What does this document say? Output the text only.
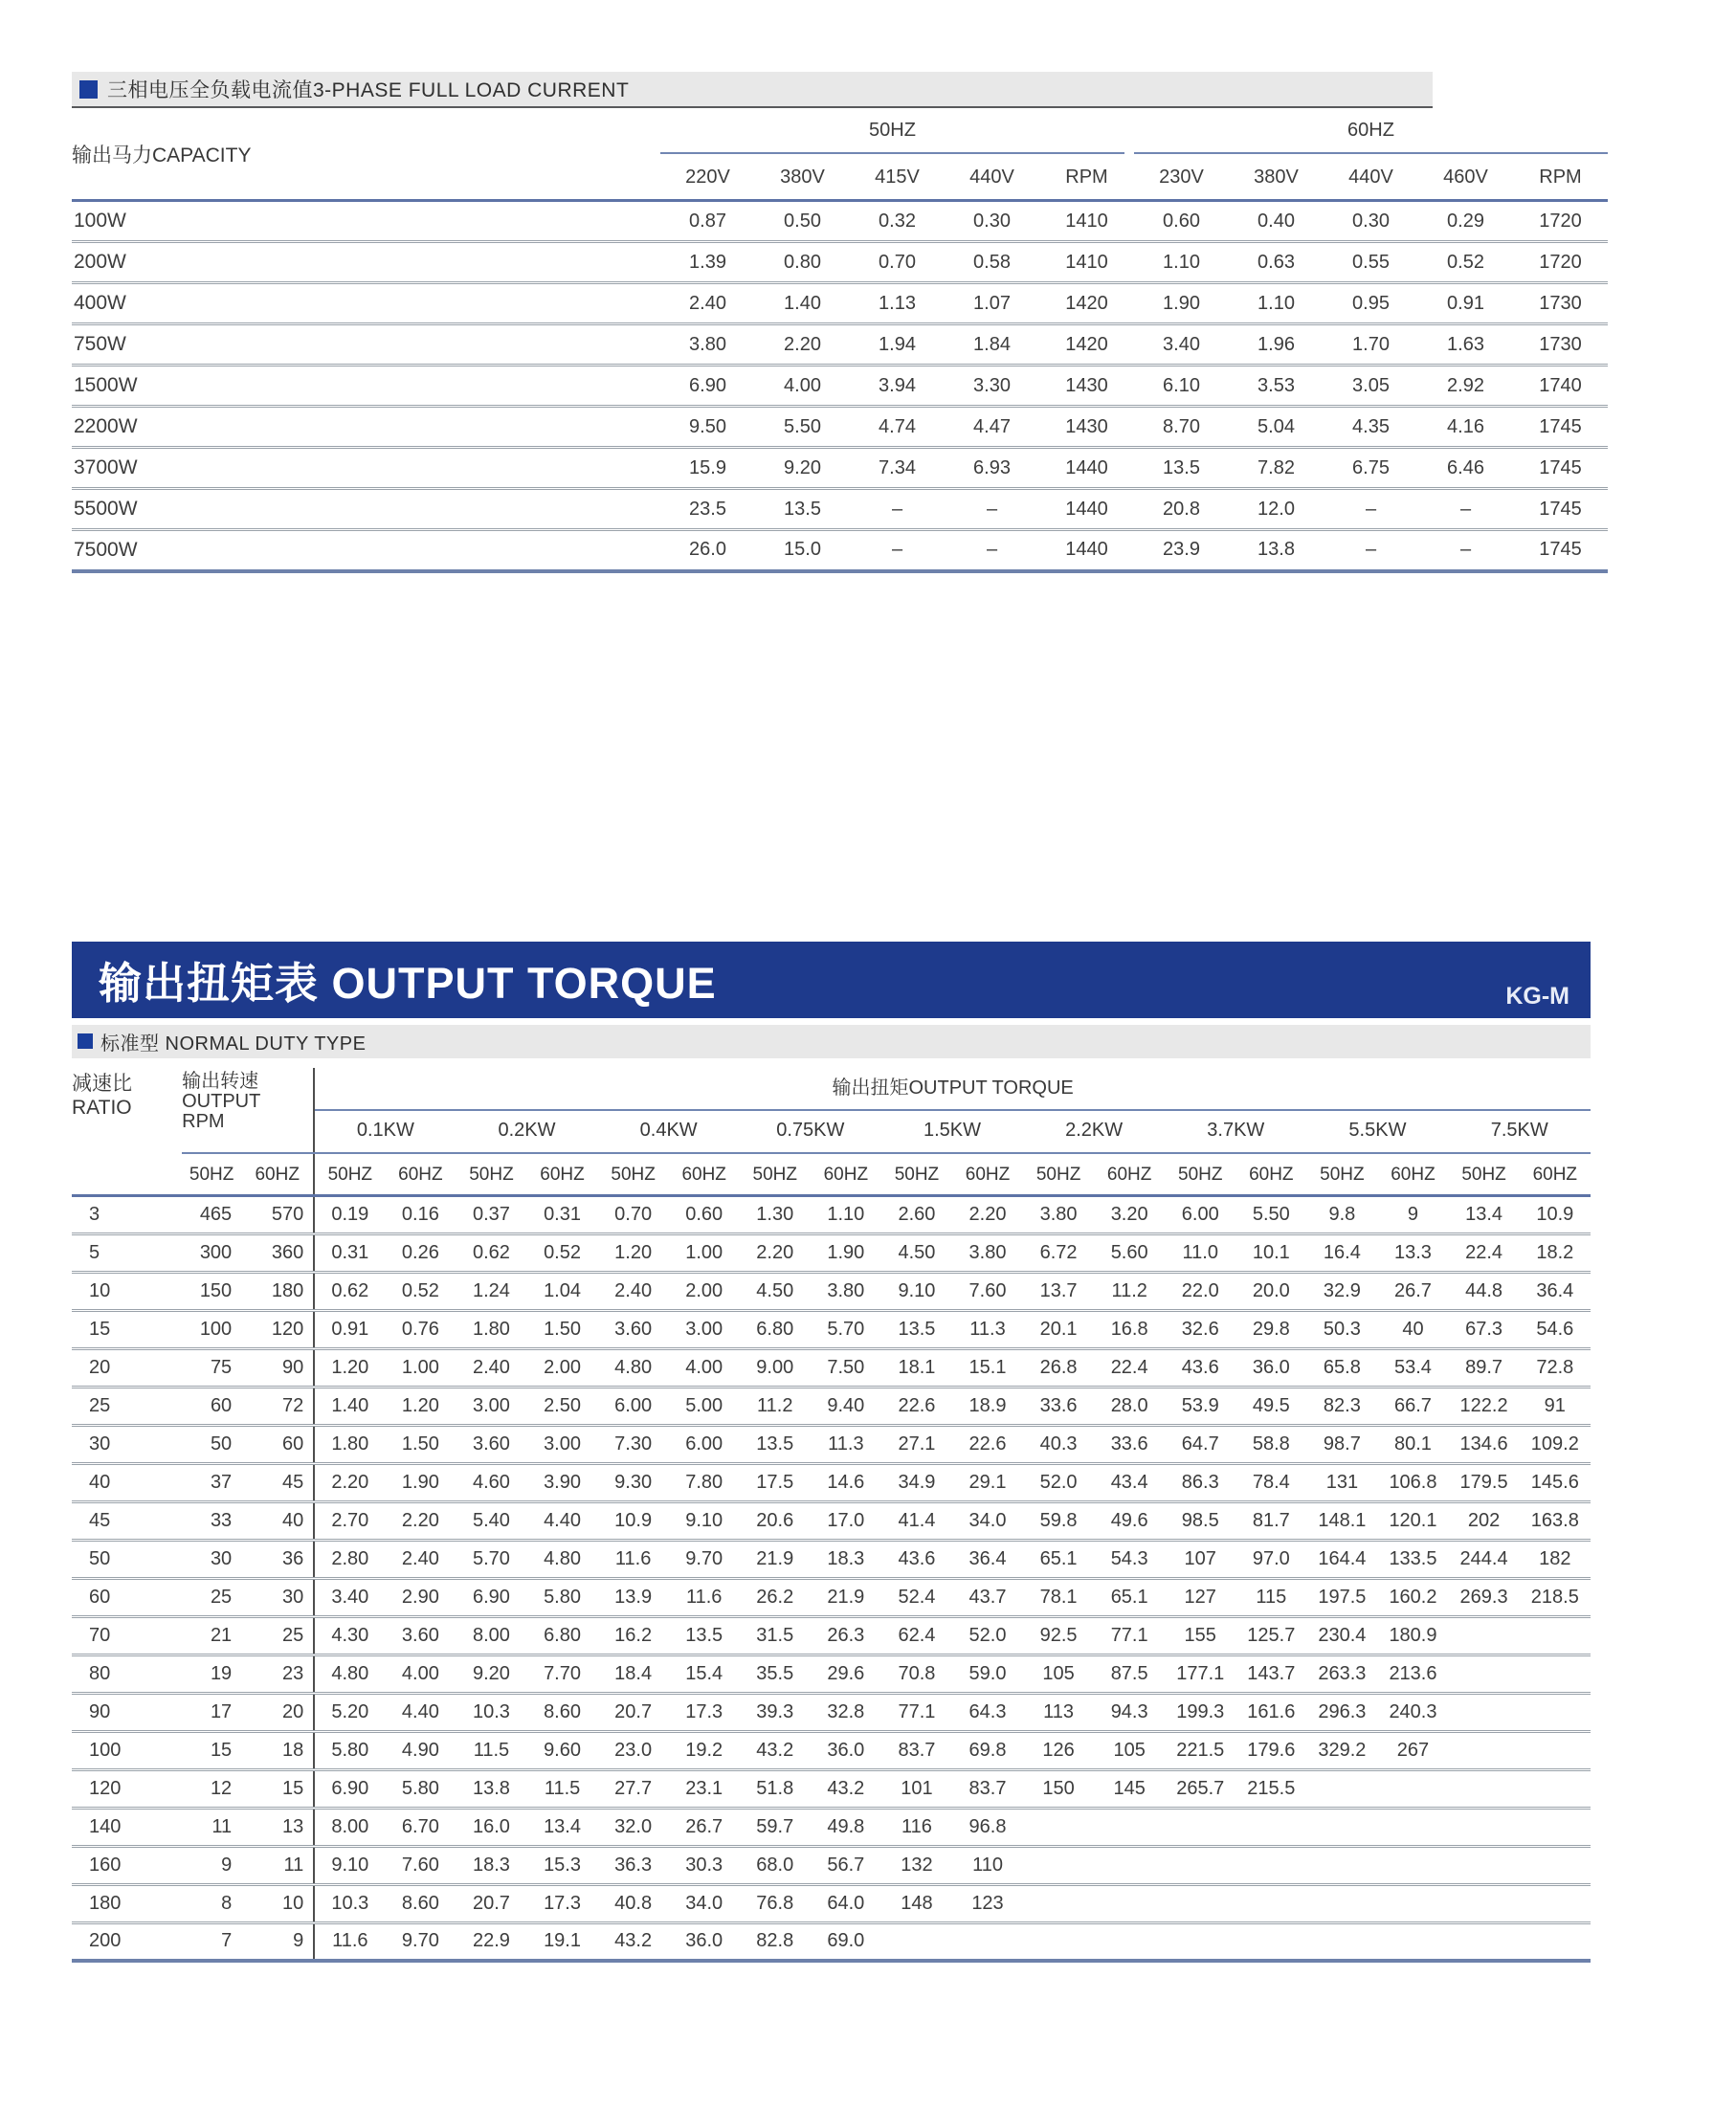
三相电压全负载电流值3-PHASE FULL LOAD CURRENT
输出马力CAPACITY	50HZ					60HZ				

	220V	380V	415V	440V	RPM	230V	380V	440V	460V	RPM
100W	0.87	0.50	0.32	0.30	1410	0.60	0.40	0.30	0.29	1720
200W	1.39	0.80	0.70	0.58	1410	1.10	0.63	0.55	0.52	1720
400W	2.40	1.40	1.13	1.07	1420	1.90	1.10	0.95	0.91	1730
750W	3.80	2.20	1.94	1.84	1420	3.40	1.96	1.70	1.63	1730
1500W	6.90	4.00	3.94	3.30	1430	6.10	3.53	3.05	2.92	1740
2200W	9.50	5.50	4.74	4.47	1430	8.70	5.04	4.35	4.16	1745
3700W	15.9	9.20	7.34	6.93	1440	13.5	7.82	6.75	6.46	1745
5500W	23.5	13.5	–	–	1440	20.8	12.0	–	–	1745
7500W	26.0	15.0	–	–	1440	23.9	13.8	–	–	1745
输出扭矩表 OUTPUT TORQUE	KG-M
标准型 NORMAL DUTY TYPE
减速比
RATIO

输出转速
OUTPUT
RPM

输出扭矩OUTPUT TORQUE

			0.1KW		0.2KW		0.4KW		0.75KW		1.5KW		2.2KW		3.7KW		5.5KW		7.5KW	
	50HZ	60HZ	50HZ	60HZ	50HZ	60HZ	50HZ	60HZ	50HZ	60HZ	50HZ	60HZ	50HZ	60HZ	50HZ	60HZ	50HZ	60HZ	50HZ	60HZ
3	465	570	0.19	0.16	0.37	0.31	0.70	0.60	1.30	1.10	2.60	2.20	3.80	3.20	6.00	5.50	9.8	9	13.4	10.9
5	300	360	0.31	0.26	0.62	0.52	1.20	1.00	2.20	1.90	4.50	3.80	6.72	5.60	11.0	10.1	16.4	13.3	22.4	18.2
10	150	180	0.62	0.52	1.24	1.04	2.40	2.00	4.50	3.80	9.10	7.60	13.7	11.2	22.0	20.0	32.9	26.7	44.8	36.4
15	100	120	0.91	0.76	1.80	1.50	3.60	3.00	6.80	5.70	13.5	11.3	20.1	16.8	32.6	29.8	50.3	40	67.3	54.6
20	75	90	1.20	1.00	2.40	2.00	4.80	4.00	9.00	7.50	18.1	15.1	26.8	22.4	43.6	36.0	65.8	53.4	89.7	72.8
25	60	72	1.40	1.20	3.00	2.50	6.00	5.00	11.2	9.40	22.6	18.9	33.6	28.0	53.9	49.5	82.3	66.7	122.2	91
30	50	60	1.80	1.50	3.60	3.00	7.30	6.00	13.5	11.3	27.1	22.6	40.3	33.6	64.7	58.8	98.7	80.1	134.6	109.2
40	37	45	2.20	1.90	4.60	3.90	9.30	7.80	17.5	14.6	34.9	29.1	52.0	43.4	86.3	78.4	131	106.8	179.5	145.6
45	33	40	2.70	2.20	5.40	4.40	10.9	9.10	20.6	17.0	41.4	34.0	59.8	49.6	98.5	81.7	148.1	120.1	202	163.8
50	30	36	2.80	2.40	5.70	4.80	11.6	9.70	21.9	18.3	43.6	36.4	65.1	54.3	107	97.0	164.4	133.5	244.4	182
60	25	30	3.40	2.90	6.90	5.80	13.9	11.6	26.2	21.9	52.4	43.7	78.1	65.1	127	115	197.5	160.2	269.3	218.5
70	21	25	4.30	3.60	8.00	6.80	16.2	13.5	31.5	26.3	62.4	52.0	92.5	77.1	155	125.7	230.4	180.9		
80	19	23	4.80	4.00	9.20	7.70	18.4	15.4	35.5	29.6	70.8	59.0	105	87.5	177.1	143.7	263.3	213.6		
90	17	20	5.20	4.40	10.3	8.60	20.7	17.3	39.3	32.8	77.1	64.3	113	94.3	199.3	161.6	296.3	240.3		
100	15	18	5.80	4.90	11.5	9.60	23.0	19.2	43.2	36.0	83.7	69.8	126	105	221.5	179.6	329.2	267		
120	12	15	6.90	5.80	13.8	11.5	27.7	23.1	51.8	43.2	101	83.7	150	145	265.7	215.5				
140	11	13	8.00	6.70	16.0	13.4	32.0	26.7	59.7	49.8	116	96.8								
160	9	11	9.10	7.60	18.3	15.3	36.3	30.3	68.0	56.7	132	110								
180	8	10	10.3	8.60	20.7	17.3	40.8	34.0	76.8	64.0	148	123								
200	7	9	11.6	9.70	22.9	19.1	43.2	36.0	82.8	69.0										
